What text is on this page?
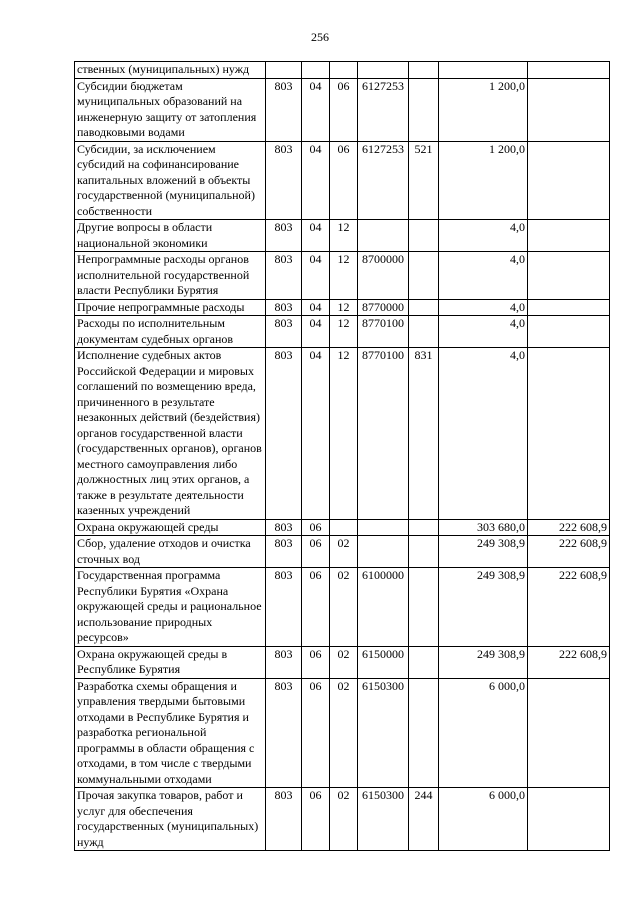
256
ственных (муниципальных) нужд							
Субсидии бюджетам муниципальных образований на инженерную защиту от затопления паводковыми водами	803	04	06	6127253		1 200,0	
Субсидии, за исключением субсидий на софинансирование капитальных вложений в объекты государственной (муниципальной) собственности	803	04	06	6127253	521	1 200,0	
Другие вопросы в области национальной экономики	803	04	12			4,0	
Непрограммные расходы органов исполнительной государственной власти Республики Бурятия	803	04	12	8700000		4,0	
Прочие непрограммные расходы	803	04	12	8770000		4,0	
Расходы по исполнительным документам судебных органов	803	04	12	8770100		4,0	
Исполнение судебных актов Российской Федерации и мировых соглашений по возмещению вреда, причиненного в результате незаконных действий (бездействия) органов государственной власти (государственных органов), органов местного самоуправления либо должностных лиц этих органов, а также в результате деятельности казенных учреждений	803	04	12	8770100	831	4,0	
Охрана окружающей среды	803	06				303 680,0	222 608,9
Сбор, удаление отходов и очистка сточных вод	803	06	02			249 308,9	222 608,9
Государственная программа Республики Бурятия «Охрана окружающей среды и рациональное использование природных ресурсов»	803	06	02	6100000		249 308,9	222 608,9
Охрана окружающей среды в Республике Бурятия	803	06	02	6150000		249 308,9	222 608,9
Разработка схемы обращения и управления твердыми бытовыми отходами в Республике Бурятия и разработка региональной программы в области обращения с отходами, в том числе с твердыми коммунальными отходами	803	06	02	6150300		6 000,0	
Прочая закупка товаров, работ и услуг для обеспечения государственных (муниципальных) нужд	803	06	02	6150300	244	6 000,0	
